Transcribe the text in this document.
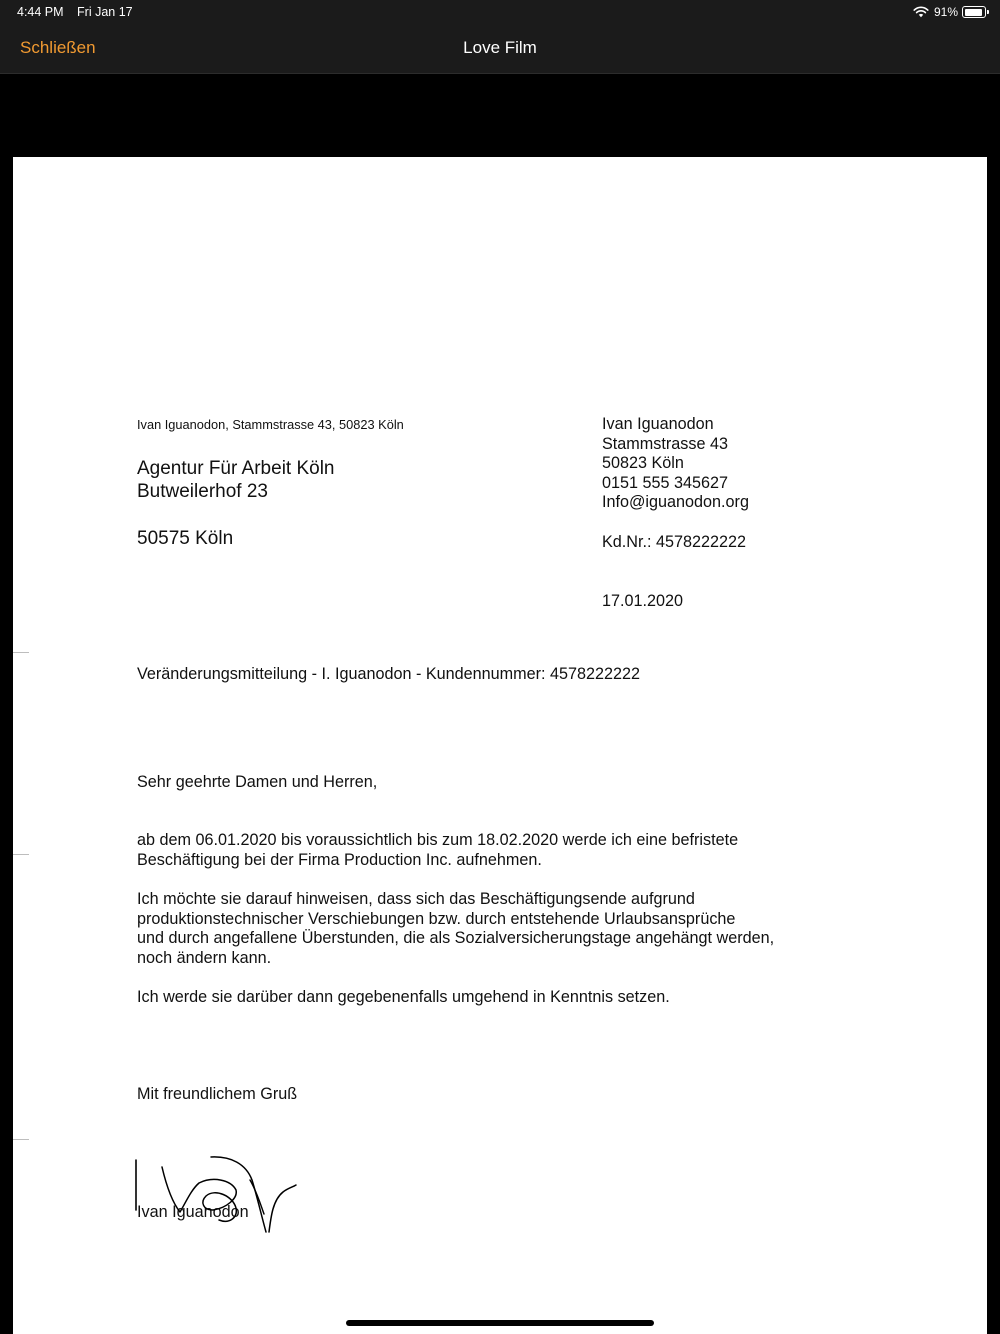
4:44 PM Fri Jan 17	91%
Schließen	Love Film
Ivan Iguanodon, Stammstrasse 43, 50823 Köln
Agentur Für Arbeit Köln
Butweilerhof 23
50575 Köln
Ivan Iguanodon
Stammstrasse 43
50823 Köln
0151 555 345627
Info@iguanodon.org
Kd.Nr.: 4578222222
17.01.2020
Veränderungsmitteilung - I. Iguanodon - Kundennummer: 4578222222
Sehr geehrte Damen und Herren,
ab dem 06.01.2020 bis voraussichtlich bis zum 18.02.2020 werde ich eine befristete
Beschäftigung bei der Firma Production Inc. aufnehmen.
Ich möchte sie darauf hinweisen, dass sich das Beschäftigungsende aufgrund
produktionstechnischer Verschiebungen bzw. durch entstehende Urlaubsansprüche
und durch angefallene Überstunden, die als Sozialversicherungstage angehängt werden,
noch ändern kann.
Ich werde sie darüber dann gegebenenfalls umgehend in Kenntnis setzen.
Mit freundlichem Gruß
Ivan Iguanodon
